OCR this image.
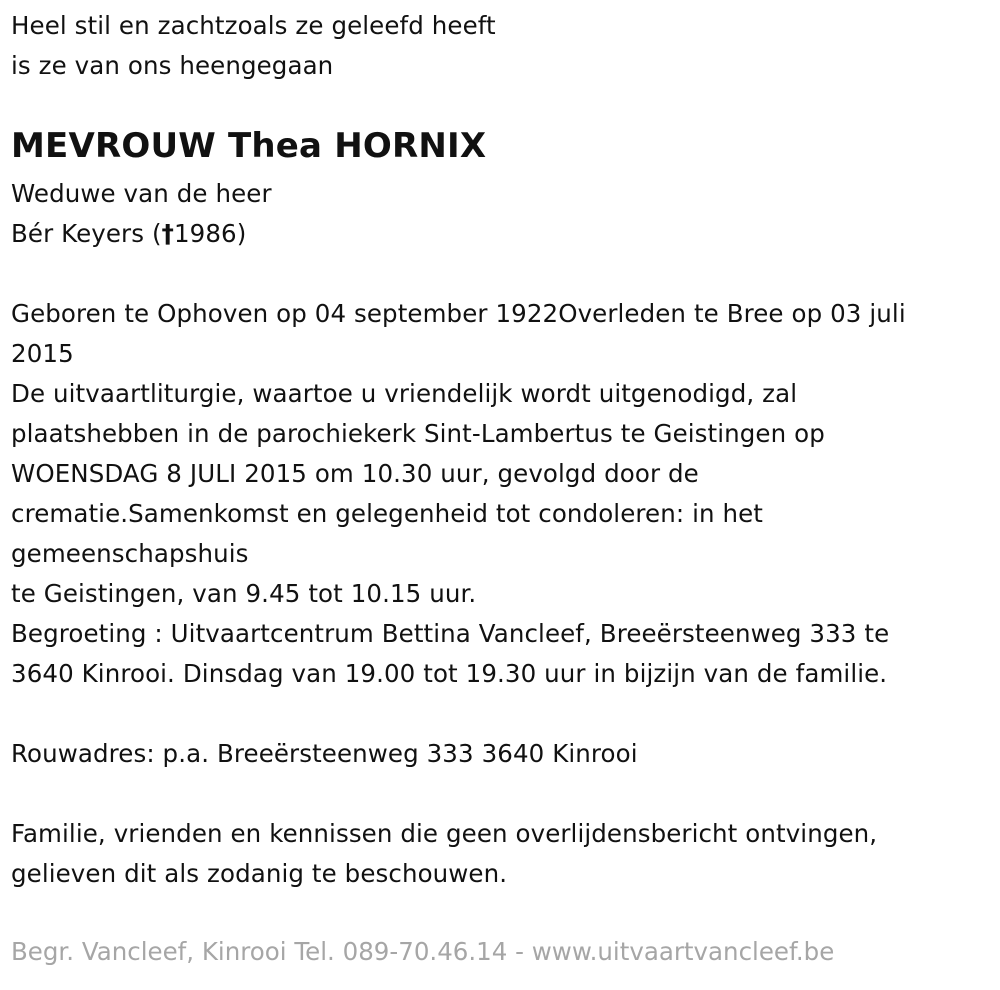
Heel stil en zachtzoals ze geleefd heeft
is ze van ons heengegaan
MEVROUW Thea HORNIX
Weduwe van de heer
Bér Keyers (†1986)
Geboren te Ophoven op 04 september 1922Overleden te Bree op 03 juli
2015
De uitvaartliturgie, waartoe u vriendelijk wordt uitgenodigd, zal
plaatshebben in de parochiekerk Sint-Lambertus te Geistingen op
WOENSDAG 8 JULI 2015 om 10.30 uur, gevolgd door de
crematie.Samenkomst en gelegenheid tot condoleren: in het
gemeenschapshuis
te Geistingen, van 9.45 tot 10.15 uur.
Begroeting : Uitvaartcentrum Bettina Vancleef, Breeërsteenweg 333 te
3640 Kinrooi. Dinsdag van 19.00 tot 19.30 uur in bijzijn van de familie.
Rouwadres: p.a. Breeërsteenweg 333 3640 Kinrooi
Familie, vrienden en kennissen die geen overlijdensbericht ontvingen,
gelieven dit als zodanig te beschouwen.
Begr. Vancleef, Kinrooi Tel. 089-70.46.14 - www.uitvaartvancleef.be
